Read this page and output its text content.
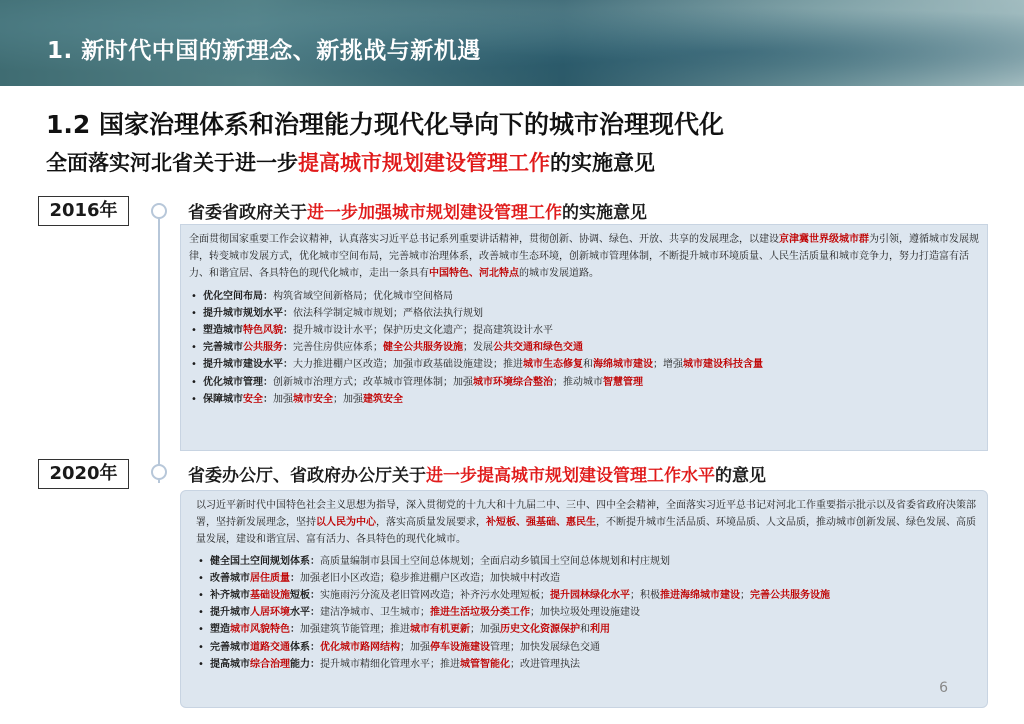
1. 新时代中国的新理念、新挑战与新机遇
1.2 国家治理体系和治理能力现代化导向下的城市治理现代化
全面落实河北省关于进一步提高城市规划建设管理工作的实施意见
2016年	省委省政府关于进一步加强城市规划建设管理工作的实施意见

全面贯彻国家重要工作会议精神，认真落实习近平总书记系列重要讲话精神，贯彻创新、协调、绿色、开放、共享的发展理念，以建设京津冀世界级城市群为引领，遵循城市发展规律，转变城市发展方式，优化城市空间布局，完善城市治理体系，改善城市生态环境，创新城市管理体制，不断提升城市环境质量、人民生活质量和城市竞争力，努力打造富有活力、和谐宜居、各具特色的现代化城市，走出一条具有中国特色、河北特点的城市发展道路。

• 优化空间布局：构筑省域空间新格局；优化城市空间格局
• 提升城市规划水平：依法科学制定城市规划；严格依法执行规划
• 塑造城市特色风貌：提升城市设计水平；保护历史文化遗产；提高建筑设计水平
• 完善城市公共服务：完善住房供应体系；健全公共服务设施；发展公共交通和绿色交通
• 提升城市建设水平：大力推进棚户区改造；加强市政基础设施建设；推进城市生态修复和海绵城市建设；增强城市建设科技含量
• 优化城市管理：创新城市治理方式；改革城市管理体制；加强城市环境综合整治；推动城市智慧管理
• 保障城市安全：加强城市安全；加强建筑安全
2020年	省委办公厅、省政府办公厅关于进一步提高城市规划建设管理工作水平的意见

以习近平新时代中国特色社会主义思想为指导，深入贯彻党的十九大和十九届二中、三中、四中全会精神，全面落实习近平总书记对河北工作重要指示批示以及省委省政府决策部署，坚持新发展理念，坚持以人民为中心，落实高质量发展要求，补短板、强基础、惠民生，不断提升城市生活品质、环境品质、人文品质，推动城市创新发展、绿色发展、高质量发展，建设和谐宜居、富有活力、各具特色的现代化城市。

• 健全国土空间规划体系：高质量编制市县国土空间总体规划；全面启动乡镇国土空间总体规划和村庄规划
• 改善城市居住质量：加强老旧小区改造；稳步推进棚户区改造；加快城中村改造
• 补齐城市基础设施短板：实施雨污分流及老旧管网改造；补齐污水处理短板；提升园林绿化水平；积极推进海绵城市建设；完善公共服务设施
• 提升城市人居环境水平：建洁净城市、卫生城市；推进生活垃圾分类工作；加快垃圾处理设施建设
• 塑造城市风貌特色：加强建筑节能管理；推进城市有机更新；加强历史文化资源保护和利用
• 完善城市道路交通体系：优化城市路网结构；加强停车设施建设管理；加快发展绿色交通
• 提高城市综合治理能力：提升城市精细化管理水平；推进城管智能化；改进管理执法
6
